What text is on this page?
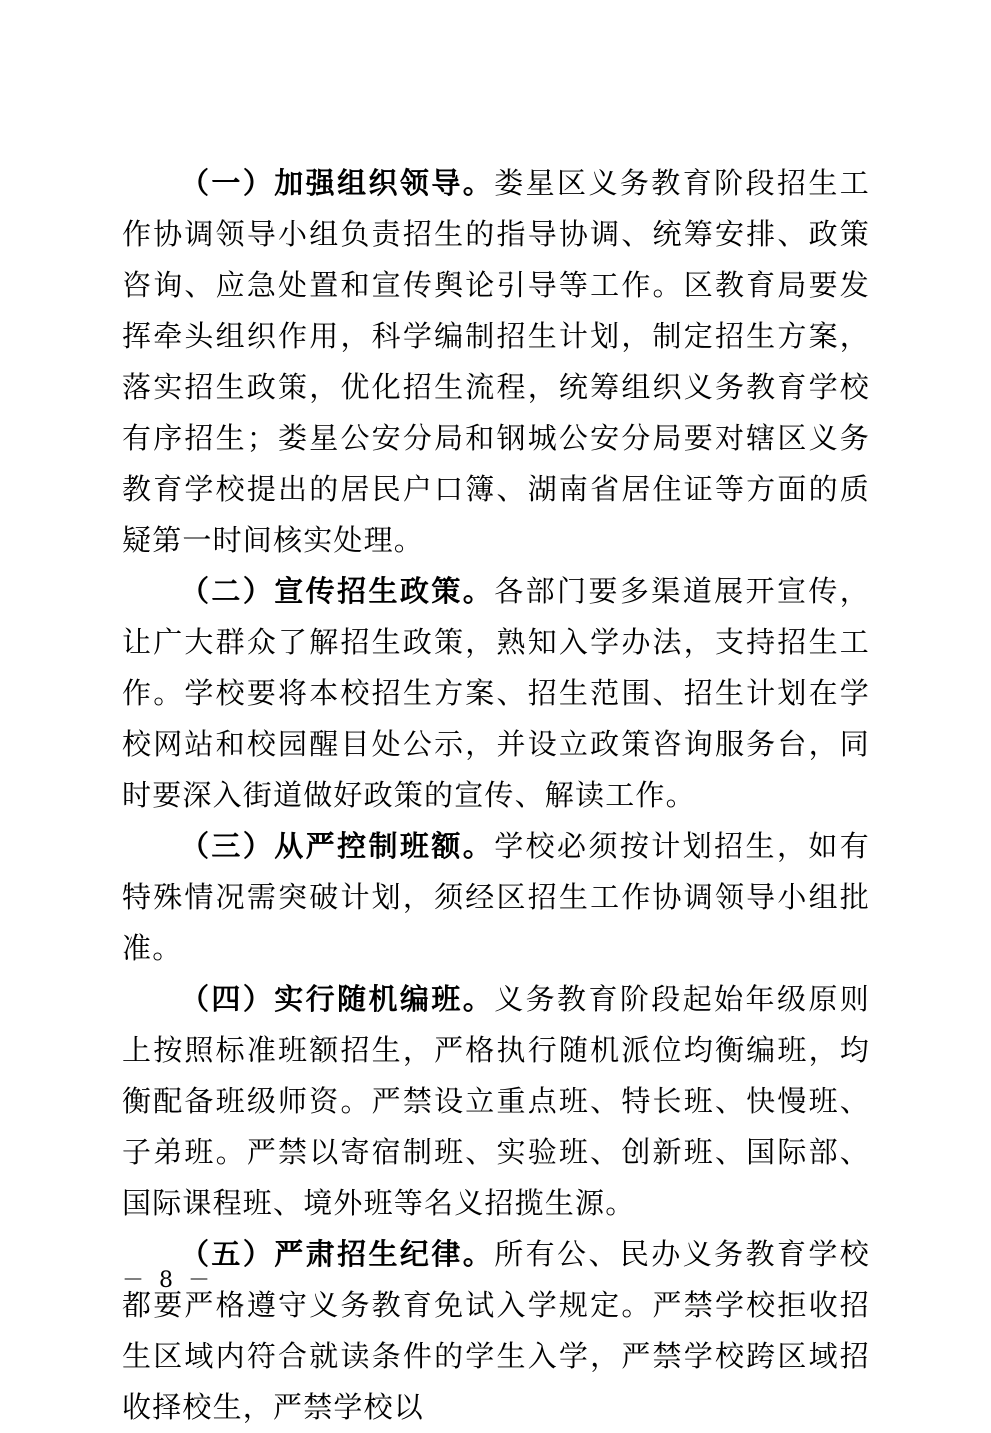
（一）加强组织领导。娄星区义务教育阶段招生工作协调领导小组负责招生的指导协调、统筹安排、政策咨询、应急处置和宣传舆论引导等工作。区教育局要发挥牵头组织作用，科学编制招生计划，制定招生方案，落实招生政策，优化招生流程，统筹组织义务教育学校有序招生；娄星公安分局和钢城公安分局要对辖区义务教育学校提出的居民户口簿、湖南省居住证等方面的质疑第一时间核实处理。

（二）宣传招生政策。各部门要多渠道展开宣传，让广大群众了解招生政策，熟知入学办法，支持招生工作。学校要将本校招生方案、招生范围、招生计划在学校网站和校园醒目处公示，并设立政策咨询服务台，同时要深入街道做好政策的宣传、解读工作。

（三）从严控制班额。学校必须按计划招生，如有特殊情况需突破计划，须经区招生工作协调领导小组批准。

（四）实行随机编班。义务教育阶段起始年级原则上按照标准班额招生，严格执行随机派位均衡编班，均衡配备班级师资。严禁设立重点班、特长班、快慢班、子弟班。严禁以寄宿制班、实验班、创新班、国际部、国际课程班、境外班等名义招揽生源。

（五）严肃招生纪律。所有公、民办义务教育学校都要严格遵守义务教育免试入学规定。严禁学校拒收招生区域内符合就读条件的学生入学，严禁学校跨区域招收择校生，严禁学校以

－ 8 －
